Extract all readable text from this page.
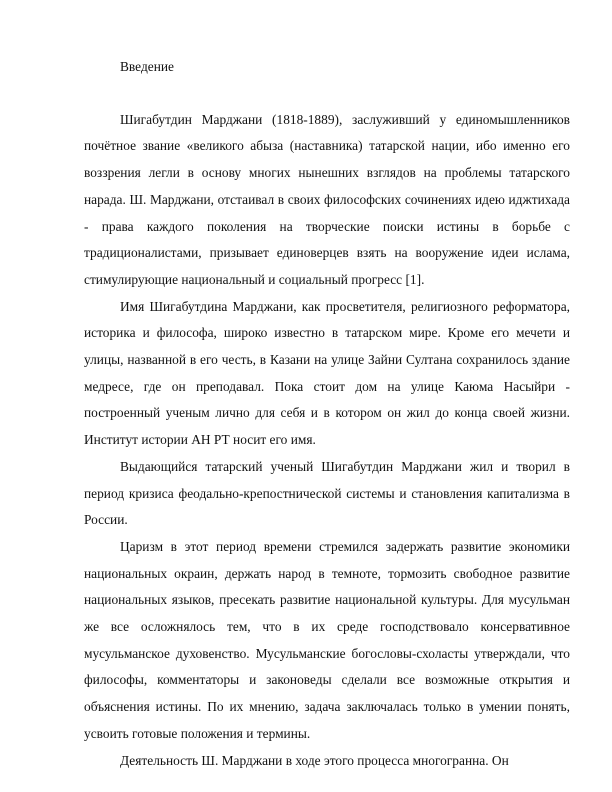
Введение

Шигабутдин Марджани (1818-1889), заслуживший у единомышленников почётное звание «великого абыза (наставника) татарской нации, ибо именно его воззрения легли в основу многих нынешних взглядов на проблемы татарского нарада. Ш. Марджани, отстаивал в своих философских сочинениях идею иджтихада - права каждого поколения на творческие поиски истины в борьбе с традиционалистами, призывает единоверцев взять на вооружение идеи ислама, стимулирующие национальный и социальный прогресс [1].

Имя Шигабутдина Марджани, как просветителя, религиозного реформатора, историка и философа, широко известно в татарском мире. Кроме его мечети и улицы, названной в его честь, в Казани на улице Зайни Султана сохранилось здание медресе, где он преподавал. Пока стоит дом на улице Каюма Насыйри - построенный ученым лично для себя и в котором он жил до конца своей жизни. Институт истории АН РТ носит его имя.

Выдающийся татарский ученый Шигабутдин Марджани жил и творил в период кризиса феодально-крепостнической системы и становления капитализма в России.

Царизм в этот период времени стремился задержать развитие экономики национальных окраин, держать народ в темноте, тормозить свободное развитие национальных языков, пресекать развитие национальной культуры. Для мусульман же все осложнялось тем, что в их среде господствовало консервативное мусульманское духовенство. Мусульманские богословы-схоласты утверждали, что философы, комментаторы и законоведы сделали все возможные открытия и объяснения истины. По их мнению, задача заключалась только в умении понять, усвоить готовые положения и термины.

Деятельность Ш. Марджани в ходе этого процесса многогранна. Он
